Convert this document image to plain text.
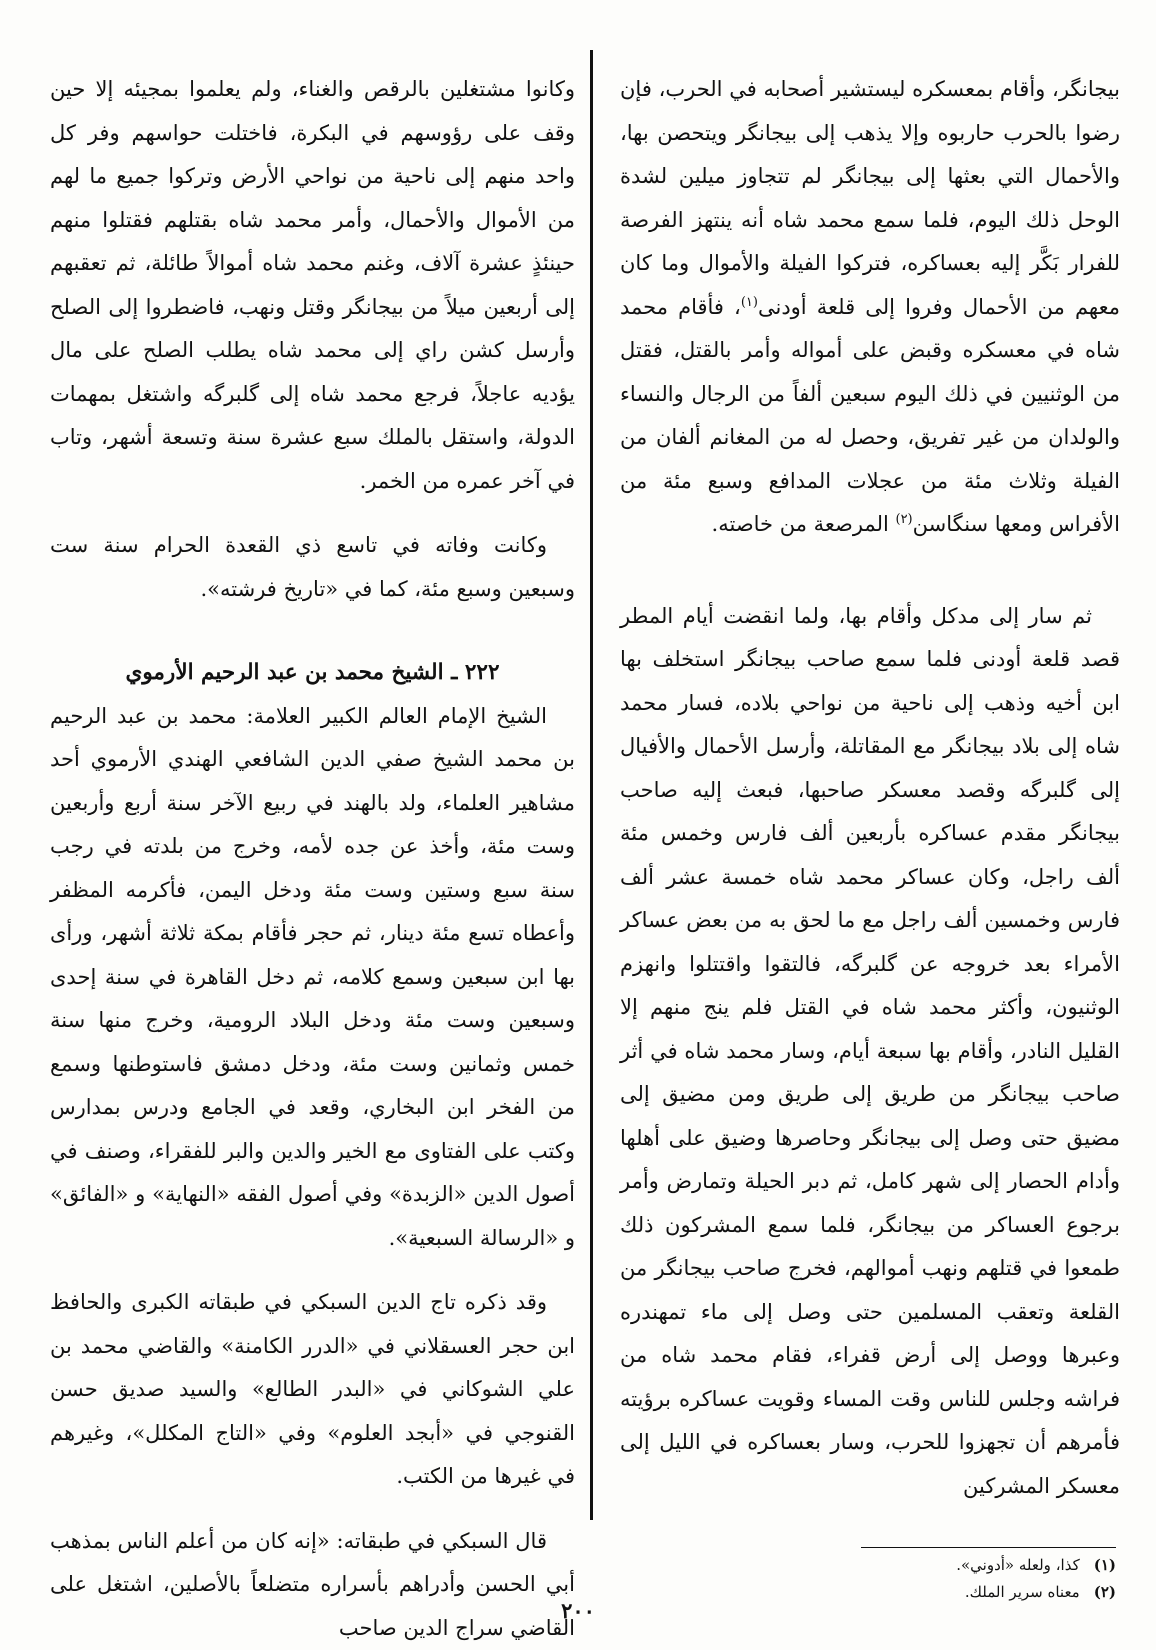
بيجانگر، وأقام بمعسكره ليستشير أصحابه في الحرب، فإن رضوا بالحرب حاربوه وإلا يذهب إلى بيجانگر ويتحصن بها، والأحمال التي بعثها إلى بيجانگر لم تتجاوز ميلين لشدة الوحل ذلك اليوم، فلما سمع محمد شاه أنه ينتهز الفرصة للفرار بَكَّر إليه بعساكره، فتركوا الفيلة والأموال وما كان معهم من الأحمال وفروا إلى قلعة أودنى$^{(١)}$، فأقام محمد شاه في معسكره وقبض على أمواله وأمر بالقتل، فقتل من الوثنيين في ذلك اليوم سبعين ألفاً من الرجال والنساء والولدان من غير تفريق، وحصل له من المغانم ألفان من الفيلة وثلاث مئة من عجلات المدافع وسبع مئة من الأفراس ومعها سنگاسن$^{(٢)}$ المرصعة من خاصته.

ثم سار إلى مدكل وأقام بها، ولما انقضت أيام المطر قصد قلعة أودنى فلما سمع صاحب بيجانگر استخلف بها ابن أخيه وذهب إلى ناحية من نواحي بلاده، فسار محمد شاه إلى بلاد بيجانگر مع المقاتلة، وأرسل الأحمال والأفيال إلى گلبرگه وقصد معسكر صاحبها، فبعث إليه صاحب بيجانگر مقدم عساكره بأربعين ألف فارس وخمس مئة ألف راجل، وكان عساكر محمد شاه خمسة عشر ألف فارس وخمسين ألف راجل مع ما لحق به من بعض عساكر الأمراء بعد خروجه عن گلبرگه، فالتقوا واقتتلوا وانهزم الوثنيون، وأكثر محمد شاه في القتل فلم ينج منهم إلا القليل النادر، وأقام بها سبعة أيام، وسار محمد شاه في أثر صاحب بيجانگر من طريق إلى طريق ومن مضيق إلى مضيق حتى وصل إلى بيجانگر وحاصرها وضيق على أهلها وأدام الحصار إلى شهر كامل، ثم دبر الحيلة وتمارض وأمر برجوع العساكر من بيجانگر، فلما سمع المشركون ذلك طمعوا في قتلهم ونهب أموالهم، فخرج صاحب بيجانگر من القلعة وتعقب المسلمين حتى وصل إلى ماء تمهندره وعبرها ووصل إلى أرض قفراء، فقام محمد شاه من فراشه وجلس للناس وقت المساء وقويت عساكره برؤيته فأمرهم أن تجهزوا للحرب، وسار بعساكره في الليل إلى معسكر المشركين

وكانوا مشتغلين بالرقص والغناء، ولم يعلموا بمجيئه إلا حين وقف على رؤوسهم في البكرة، فاختلت حواسهم وفر كل واحد منهم إلى ناحية من نواحي الأرض وتركوا جميع ما لهم من الأموال والأحمال، وأمر محمد شاه بقتلهم فقتلوا منهم حينئذٍ عشرة آلاف، وغنم محمد شاه أموالاً طائلة، ثم تعقبهم إلى أربعين ميلاً من بيجانگر وقتل ونهب، فاضطروا إلى الصلح وأرسل كشن راي إلى محمد شاه يطلب الصلح على مال يؤديه عاجلاً، فرجع محمد شاه إلى گلبرگه واشتغل بمهمات الدولة، واستقل بالملك سبع عشرة سنة وتسعة أشهر، وتاب في آخر عمره من الخمر.

وكانت وفاته في تاسع ذي القعدة الحرام سنة ست وسبعين وسبع مئة، كما في «تاريخ فرشته».

٢٢٢ ـ الشيخ محمد بن عبد الرحيم الأرموي

الشيخ الإمام العالم الكبير العلامة: محمد بن عبد الرحيم بن محمد الشيخ صفي الدين الشافعي الهندي الأرموي أحد مشاهير العلماء، ولد بالهند في ربيع الآخر سنة أربع وأربعين وست مئة، وأخذ عن جده لأمه، وخرج من بلدته في رجب سنة سبع وستين وست مئة ودخل اليمن، فأكرمه المظفر وأعطاه تسع مئة دينار، ثم حجر فأقام بمكة ثلاثة أشهر، ورأى بها ابن سبعين وسمع كلامه، ثم دخل القاهرة في سنة إحدى وسبعين وست مئة ودخل البلاد الرومية، وخرج منها سنة خمس وثمانين وست مئة، ودخل دمشق فاستوطنها وسمع من الفخر ابن البخاري، وقعد في الجامع ودرس بمدارس وكتب على الفتاوى مع الخير والدين والبر للفقراء، وصنف في أصول الدين «الزبدة» وفي أصول الفقه «النهاية» و «الفائق» و «الرسالة السبعية».

وقد ذكره تاج الدين السبكي في طبقاته الكبرى والحافظ ابن حجر العسقلاني في «الدرر الكامنة» والقاضي محمد بن علي الشوكاني في «البدر الطالع» والسيد صديق حسن القنوجي في «أبجد العلوم» وفي «التاج المكلل»، وغيرهم في غيرها من الكتب.

قال السبكي في طبقاته: «إنه كان من أعلم الناس بمذهب أبي الحسن وأدراهم بأسراره متضلعاً بالأصلين، اشتغل على القاضي سراج الدين صاحب

(١)كذا، ولعله «أدوني».
(٢)معناه سرير الملك.
٢٠٠
